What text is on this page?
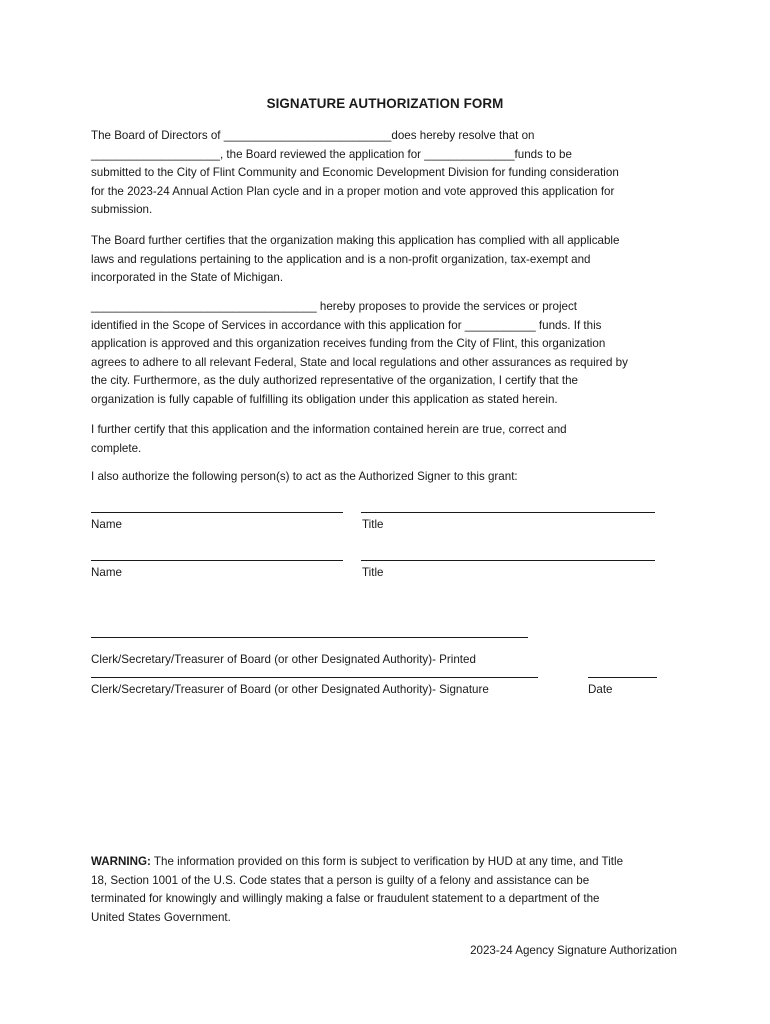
SIGNATURE AUTHORIZATION FORM

The Board of Directors of __________________________does hereby resolve that on
____________________, the Board reviewed the application for ______________funds to be
submitted to the City of Flint Community and Economic Development Division for funding consideration
for the 2023-24 Annual Action Plan cycle and in a proper motion and vote approved this application for
submission.

The Board further certifies that the organization making this application has complied with all applicable
laws and regulations pertaining to the application and is a non-profit organization, tax-exempt and
incorporated in the State of Michigan.

___________________________________ hereby proposes to provide the services or project
identified in the Scope of Services in accordance with this application for ___________ funds. If this
application is approved and this organization receives funding from the City of Flint, this organization
agrees to adhere to all relevant Federal, State and local regulations and other assurances as required by
the city. Furthermore, as the duly authorized representative of the organization, I certify that the
organization is fully capable of fulfilling its obligation under this application as stated herein.

I further certify that this application and the information contained herein are true, correct and
complete.

I also authorize the following person(s) to act as the Authorized Signer to this grant:

Name	Title
Name	Title
Clerk/Secretary/Treasurer of Board (or other Designated Authority)- Printed
Clerk/Secretary/Treasurer of Board (or other Designated Authority)- Signature	Date
WARNING: The information provided on this form is subject to verification by HUD at any time, and Title
18, Section 1001 of the U.S. Code states that a person is guilty of a felony and assistance can be
terminated for knowingly and willingly making a false or fraudulent statement to a department of the
United States Government.
2023-24 Agency Signature Authorization
